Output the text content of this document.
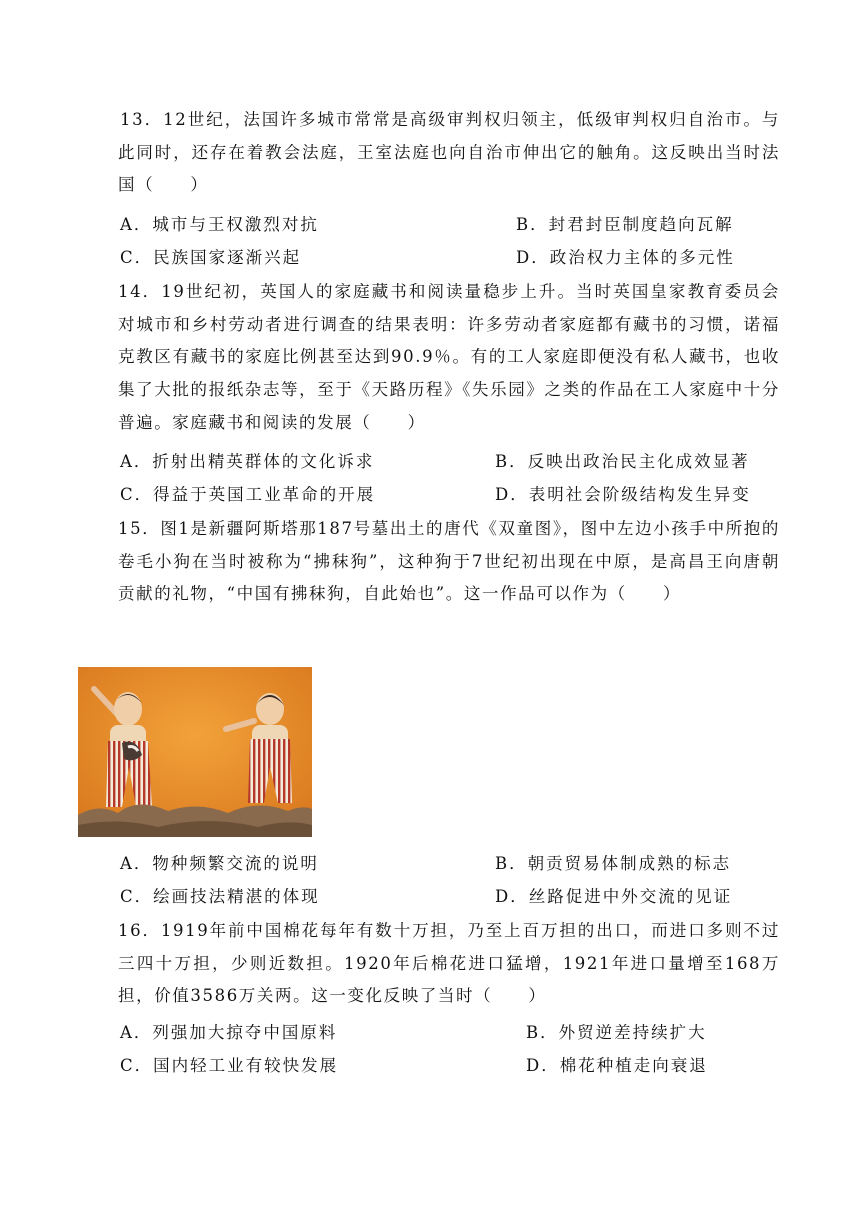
13．12世纪，法国许多城市常常是高级审判权归领主，低级审判权归自治市。与此同时，还存在着教会法庭，王室法庭也向自治市伸出它的触角。这反映出当时法国（　　）
A．城市与王权激烈对抗	B．封君封臣制度趋向瓦解
C．民族国家逐渐兴起	D．政治权力主体的多元性
14．19世纪初，英国人的家庭藏书和阅读量稳步上升。当时英国皇家教育委员会对城市和乡村劳动者进行调查的结果表明：许多劳动者家庭都有藏书的习惯，诺福克教区有藏书的家庭比例甚至达到90.9％。有的工人家庭即便没有私人藏书，也收集了大批的报纸杂志等，至于《天路历程》《失乐园》之类的作品在工人家庭中十分普遍。家庭藏书和阅读的发展（　　）
A．折射出精英群体的文化诉求	B．反映出政治民主化成效显著
C．得益于英国工业革命的开展	D．表明社会阶级结构发生异变
15．图1是新疆阿斯塔那187号墓出土的唐代《双童图》，图中左边小孩手中所抱的卷毛小狗在当时被称为“拂秣狗”，这种狗于7世纪初出现在中原，是高昌王向唐朝贡献的礼物，“中国有拂秣狗，自此始也”。这一作品可以作为（　　）
A．物种频繁交流的说明	B．朝贡贸易体制成熟的标志
C．绘画技法精湛的体现	D．丝路促进中外交流的见证
16．1919年前中国棉花每年有数十万担，乃至上百万担的出口，而进口多则不过三四十万担，少则近数担。1920年后棉花进口猛增，1921年进口量增至168万担，价值3586万关两。这一变化反映了当时（　　）
A．列强加大掠夺中国原料	B．外贸逆差持续扩大
C．国内轻工业有较快发展	D．棉花种植走向衰退
